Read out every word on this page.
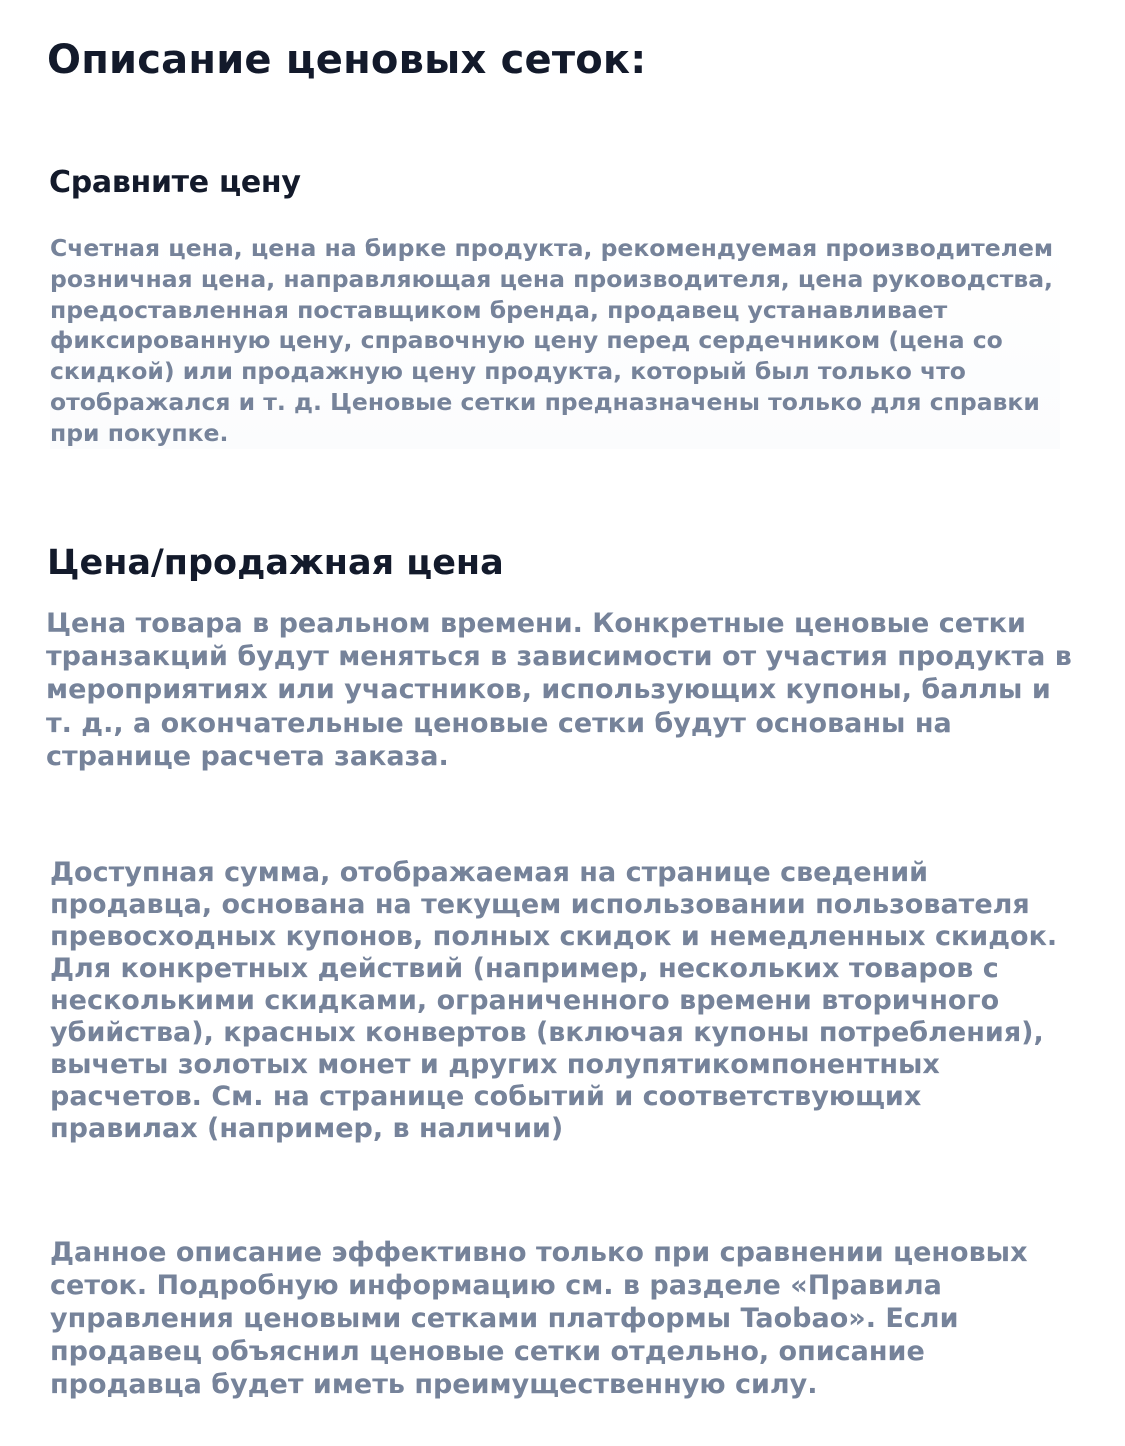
Описание ценовых сеток:
Сравните цену

Счетная цена, цена на бирке продукта, рекомендуемая производителем розничная цена, направляющая цена производителя, цена руководства, предоставленная поставщиком бренда, продавец устанавливает фиксированную цену, справочную цену перед сердечником (цена со скидкой) или продажную цену продукта, который был только что отображался и т. д. Ценовые сетки предназначены только для справки при покупке.

Цена/продажная цена

Цена товара в реальном времени. Конкретные ценовые сетки транзакций будут меняться в зависимости от участия продукта в мероприятиях или участников, использующих купоны, баллы и т. д., а окончательные ценовые сетки будут основаны на странице расчета заказа.

Доступная сумма, отображаемая на странице сведений продавца, основана на текущем использовании пользователя превосходных купонов, полных скидок и немедленных скидок. Для конкретных действий (например, нескольких товаров с несколькими скидками, ограниченного времени вторичного убийства), красных конвертов (включая купоны потребления), вычеты золотых монет и других полупятикомпонентных расчетов. См. на странице событий и соответствующих правилах (например, в наличии)

Данное описание эффективно только при сравнении ценовых сеток. Подробную информацию см. в разделе «Правила управления ценовыми сетками платформы Taobao». Если продавец объяснил ценовые сетки отдельно, описание продавца будет иметь преимущественную силу.
